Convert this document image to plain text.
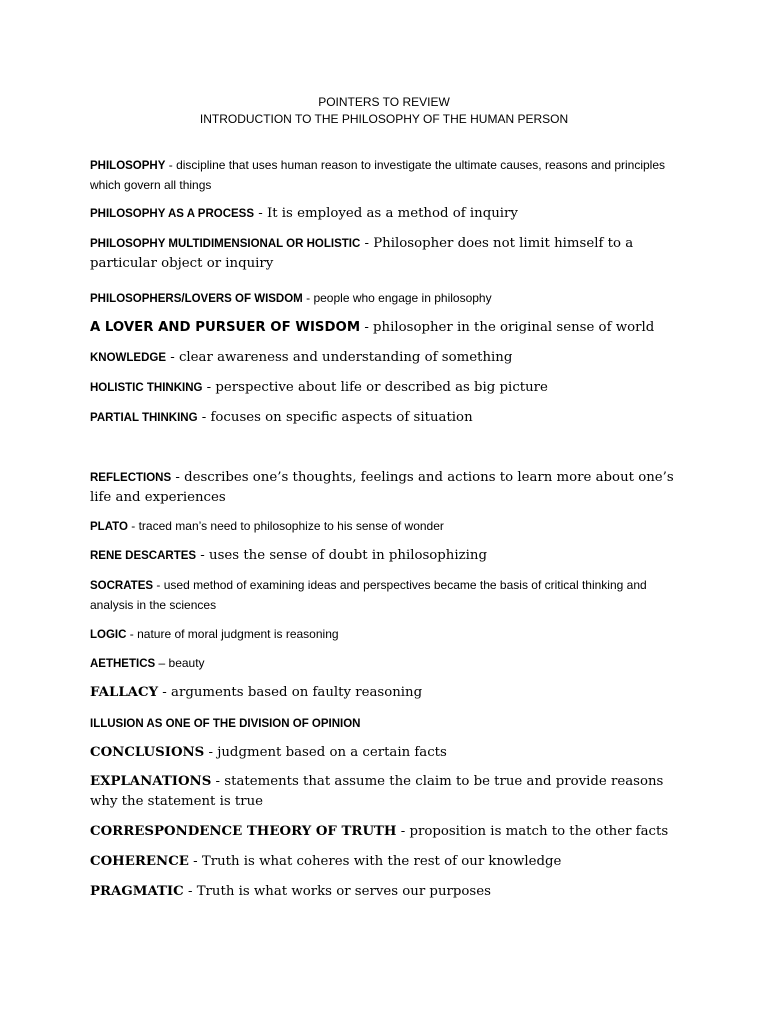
POINTERS TO REVIEW
INTRODUCTION TO THE PHILOSOPHY OF THE HUMAN PERSON

PHILOSOPHY - discipline that uses human reason to investigate the ultimate causes, reasons and principles which govern all things

PHILOSOPHY AS A PROCESS - It is employed as a method of inquiry

PHILOSOPHY MULTIDIMENSIONAL OR HOLISTIC - Philosopher does not limit himself to a particular object or inquiry

PHILOSOPHERS/LOVERS OF WISDOM - people who engage in philosophy

A LOVER AND PURSUER OF WISDOM - philosopher in the original sense of world

KNOWLEDGE - clear awareness and understanding of something

HOLISTIC THINKING - perspective about life or described as big picture

PARTIAL THINKING - focuses on specific aspects of situation

REFLECTIONS - describes one’s thoughts, feelings and actions to learn more about one’s life and experiences

PLATO - traced man’s need to philosophize to his sense of wonder

RENE DESCARTES - uses the sense of doubt in philosophizing

SOCRATES - used method of examining ideas and perspectives became the basis of critical thinking and analysis in the sciences

LOGIC - nature of moral judgment is reasoning

AETHETICS – beauty

FALLACY - arguments based on faulty reasoning

ILLUSION AS ONE OF THE DIVISION OF OPINION

CONCLUSIONS - judgment based on a certain facts

EXPLANATIONS - statements that assume the claim to be true and provide reasons why the statement is true

CORRESPONDENCE THEORY OF TRUTH - proposition is match to the other facts

COHERENCE - Truth is what coheres with the rest of our knowledge

PRAGMATIC - Truth is what works or serves our purposes
